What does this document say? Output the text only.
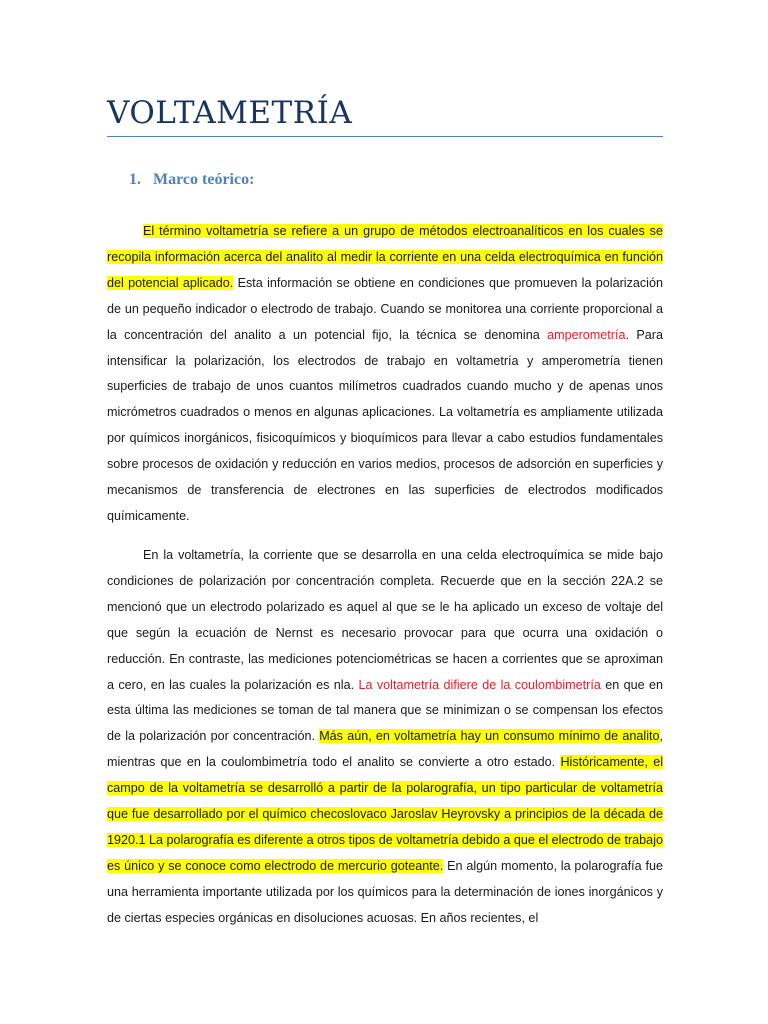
VOLTAMETRÍA
1. Marco teórico:

El término voltametría se refiere a un grupo de métodos electroanalíticos en los cuales se recopila información acerca del analito al medir la corriente en una celda electroquímica en función del potencial aplicado. Esta información se obtiene en condiciones que promueven la polarización de un pequeño indicador o electrodo de trabajo. Cuando se monitorea una corriente proporcional a la concentración del analito a un potencial fijo, la técnica se denomina amperometría. Para intensificar la polarización, los electrodos de trabajo en voltametría y amperometría tienen superficies de trabajo de unos cuantos milímetros cuadrados cuando mucho y de apenas unos micrómetros cuadrados o menos en algunas aplicaciones. La voltametría es ampliamente utilizada por químicos inorgánicos, fisicoquímicos y bioquímicos para llevar a cabo estudios fundamentales sobre procesos de oxidación y reducción en varios medios, procesos de adsorción en superficies y mecanismos de transferencia de electrones en las superficies de electrodos modificados químicamente.

En la voltametría, la corriente que se desarrolla en una celda electroquímica se mide bajo condiciones de polarización por concentración completa. Recuerde que en la sección 22A.2 se mencionó que un electrodo polarizado es aquel al que se le ha aplicado un exceso de voltaje del que según la ecuación de Nernst es necesario provocar para que ocurra una oxidación o reducción. En contraste, las mediciones potenciométricas se hacen a corrientes que se aproximan a cero, en las cuales la polarización es nla. La voltametría difiere de la coulombimetría en que en esta última las mediciones se toman de tal manera que se minimizan o se compensan los efectos de la polarización por concentración. Más aún, en voltametría hay un consumo mínimo de analito, mientras que en la coulombimetría todo el analito se convierte a otro estado. Históricamente, el campo de la voltametría se desarrolló a partir de la polarografía, un tipo particular de voltametría que fue desarrollado por el químico checoslovaco Jaroslav Heyrovsky a principios de la década de 1920.1 La polarografía es diferente a otros tipos de voltametría debido a que el electrodo de trabajo es único y se conoce como electrodo de mercurio goteante. En algún momento, la polarografía fue una herramienta importante utilizada por los químicos para la determinación de iones inorgánicos y de ciertas especies orgánicas en disoluciones acuosas. En años recientes, el
